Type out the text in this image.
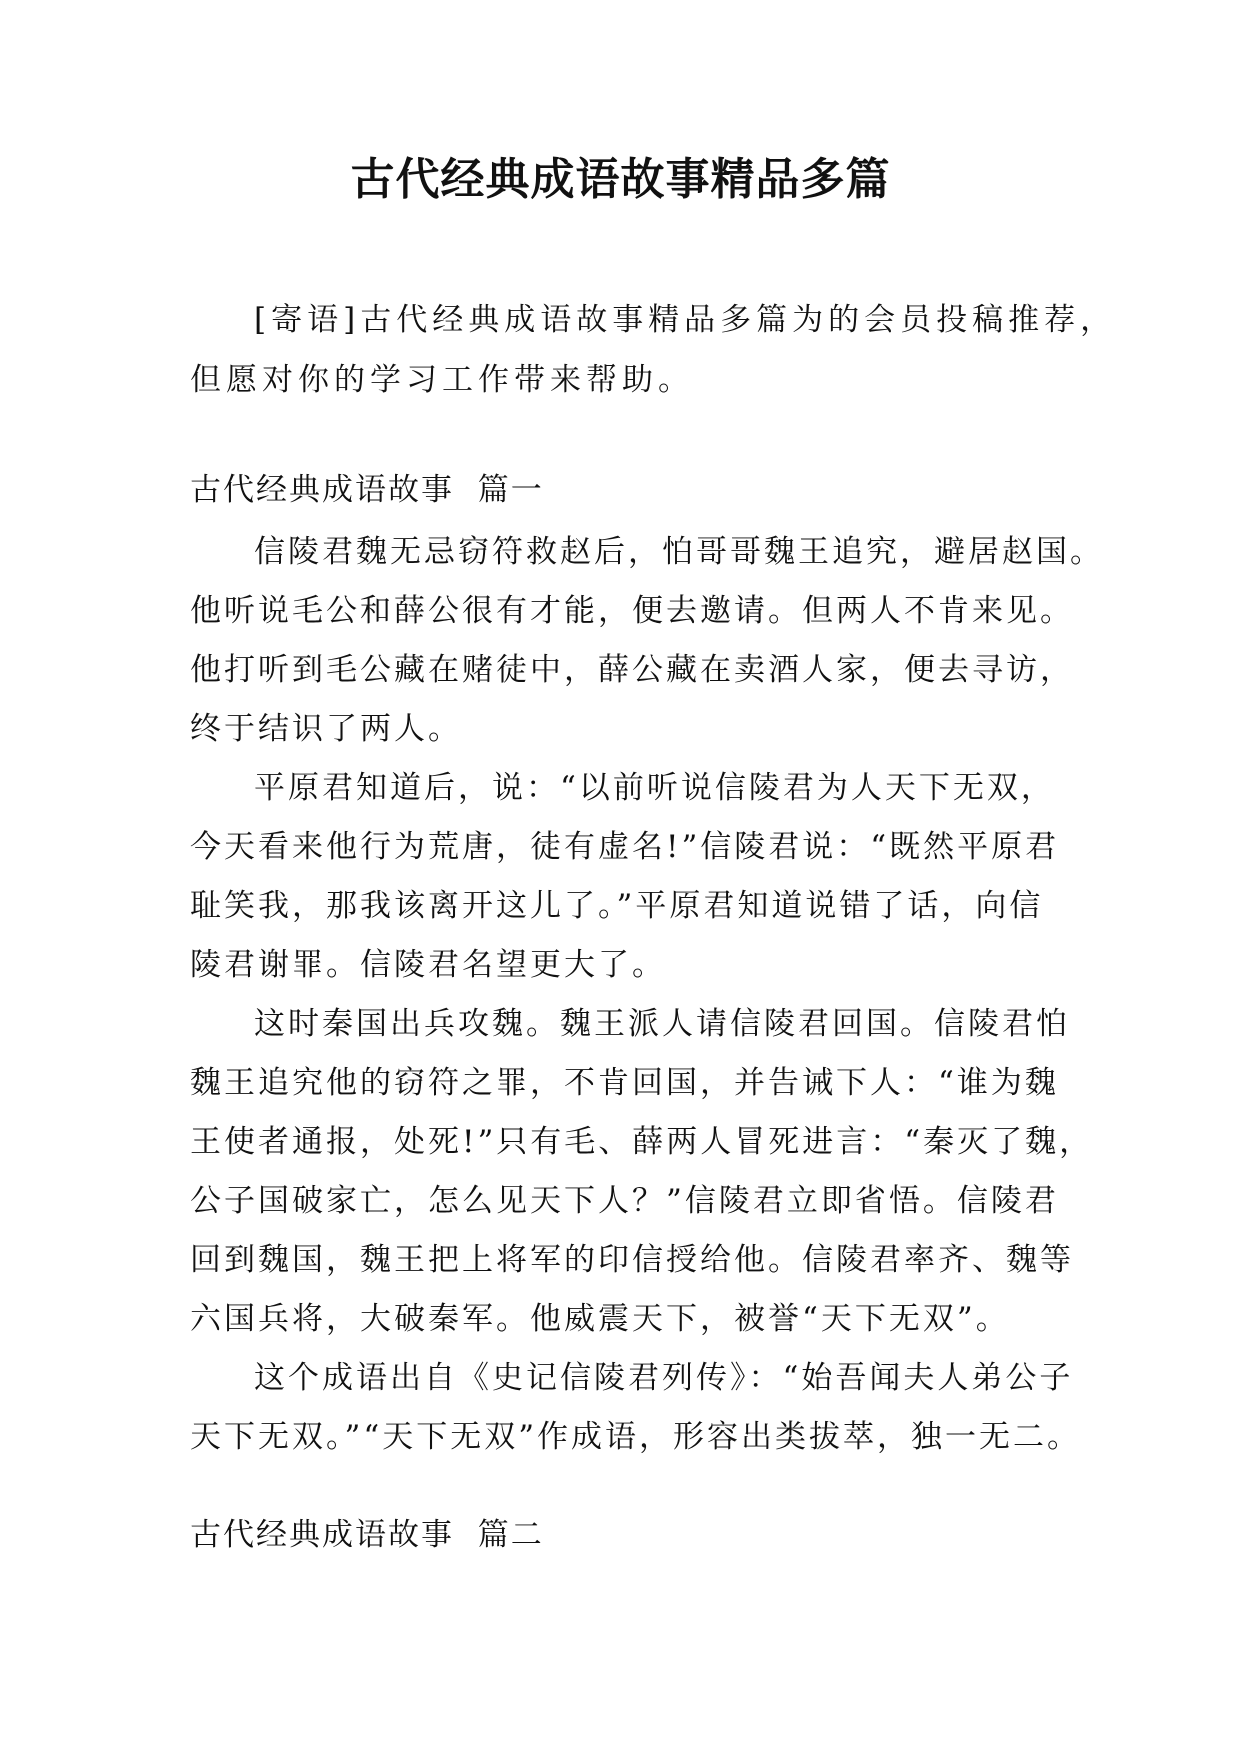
古代经典成语故事精品多篇
[寄语]古代经典成语故事精品多篇为的会员投稿推荐，
但愿对你的学习工作带来帮助。
古代经典成语故事  篇一
信陵君魏无忌窃符救赵后，怕哥哥魏王追究，避居赵国。
他听说毛公和薛公很有才能，便去邀请。但两人不肯来见。
他打听到毛公藏在赌徒中，薛公藏在卖酒人家，便去寻访，
终于结识了两人。
平原君知道后，说：“以前听说信陵君为人天下无双，
今天看来他行为荒唐，徒有虚名!”信陵君说：“既然平原君
耻笑我，那我该离开这儿了。”平原君知道说错了话，向信
陵君谢罪。信陵君名望更大了。
这时秦国出兵攻魏。魏王派人请信陵君回国。信陵君怕
魏王追究他的窃符之罪，不肯回国，并告诫下人：“谁为魏
王使者通报，处死!”只有毛、薛两人冒死进言：“秦灭了魏，
公子国破家亡，怎么见天下人？”信陵君立即省悟。信陵君
回到魏国，魏王把上将军的印信授给他。信陵君率齐、魏等
六国兵将，大破秦军。他威震天下，被誉“天下无双”。
这个成语出自《史记信陵君列传》：“始吾闻夫人弟公子
天下无双。”“天下无双”作成语，形容出类拔萃，独一无二。
古代经典成语故事  篇二
